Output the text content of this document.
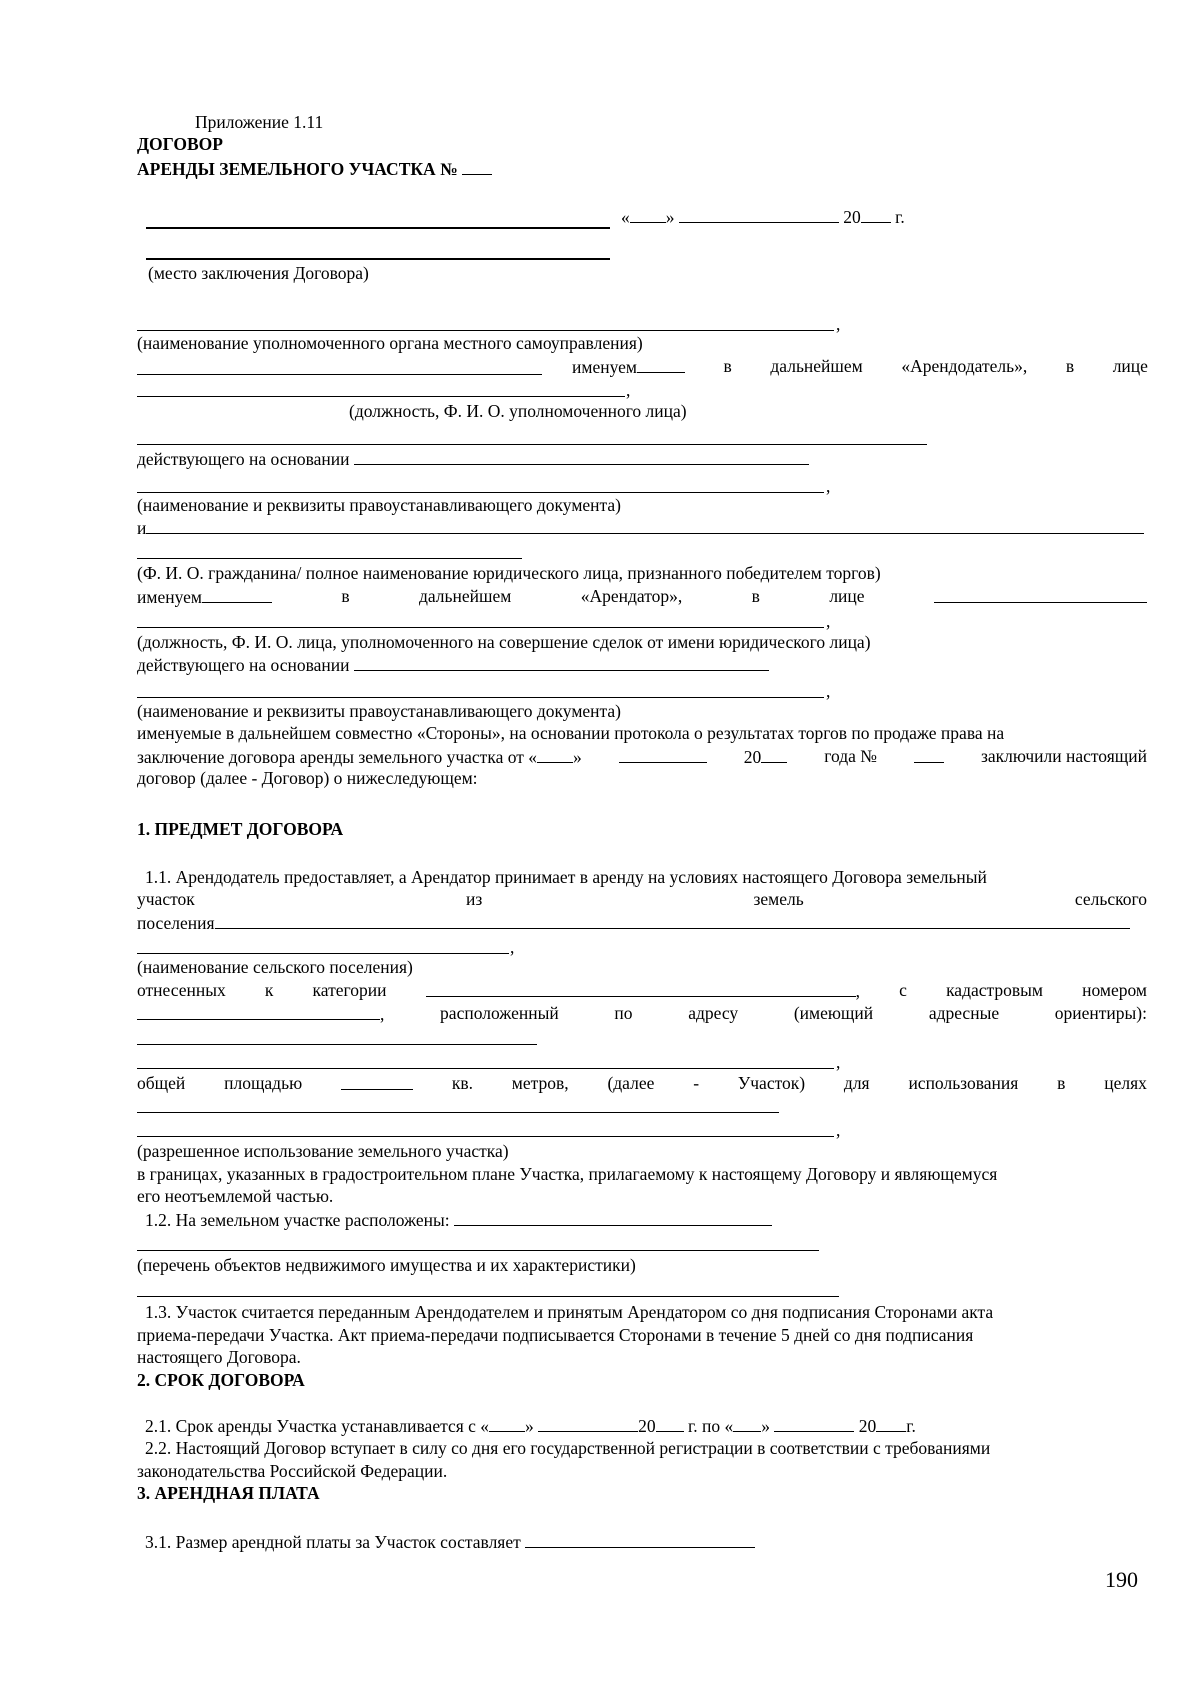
Приложение 1.11
ДОГОВОР
АРЕНДЫ ЗЕМЕЛЬНОГО УЧАСТКА №
« »	20 г.
(место заключения Договора)
,
(наименование уполномоченного органа местного самоуправления)
именуем	в дальнейшем «Арендодатель», в лице
,
(должность, Ф. И. О. уполномоченного лица)
действующего на основании
,
(наименование и реквизиты правоустанавливающего документа)
и
(Ф. И. О. гражданина/ полное наименование юридического лица, признанного победителем торгов)
именуем	в	дальнейшем	«Арендатор»,	в	лице
,
(должность, Ф. И. О. лица, уполномоченного на совершение сделок от имени юридического лица)
действующего на основании
,
(наименование и реквизиты правоустанавливающего документа)
именуемые в дальнейшем совместно «Стороны», на основании протокола о результатах торгов по продаже права на
заключение договора аренды земельного участка от « »	20	года №	заключили настоящий
договор (далее - Договор) о нижеследующем:
1. ПРЕДМЕТ ДОГОВОРА
1.1. Арендодатель предоставляет, а Арендатор принимает в аренду на условиях настоящего Договора земельный
участок	из	земель	сельского
поселения
,
(наименование сельского поселения)
отнесенных к категории	, с кадастровым номером
,	расположенный	по	адресу	(имеющий	адресные	ориентиры):
,
общей площадью	кв. метров, (далее - Участок) для использования в целях
,
(разрешенное использование земельного участка)
в границах, указанных в градостроительном плане Участка, прилагаемому к настоящему Договору и являющемуся
его неотъемлемой частью.
1.2. На земельном участке расположены:
(перечень объектов недвижимого имущества и их характеристики)
1.3. Участок считается переданным Арендодателем и принятым Арендатором со дня подписания Сторонами акта
приема-передачи Участка. Акт приема-передачи подписывается Сторонами в течение 5 дней со дня подписания
настоящего Договора.
2. СРОК ДОГОВОРА
2.1. Срок аренды Участка устанавливается с « »	20 г. по « »	20 г.
2.2. Настоящий Договор вступает в силу со дня его государственной регистрации в соответствии с требованиями
законодательства Российской Федерации.
3. АРЕНДНАЯ ПЛАТА
3.1. Размер арендной платы за Участок составляет
190
